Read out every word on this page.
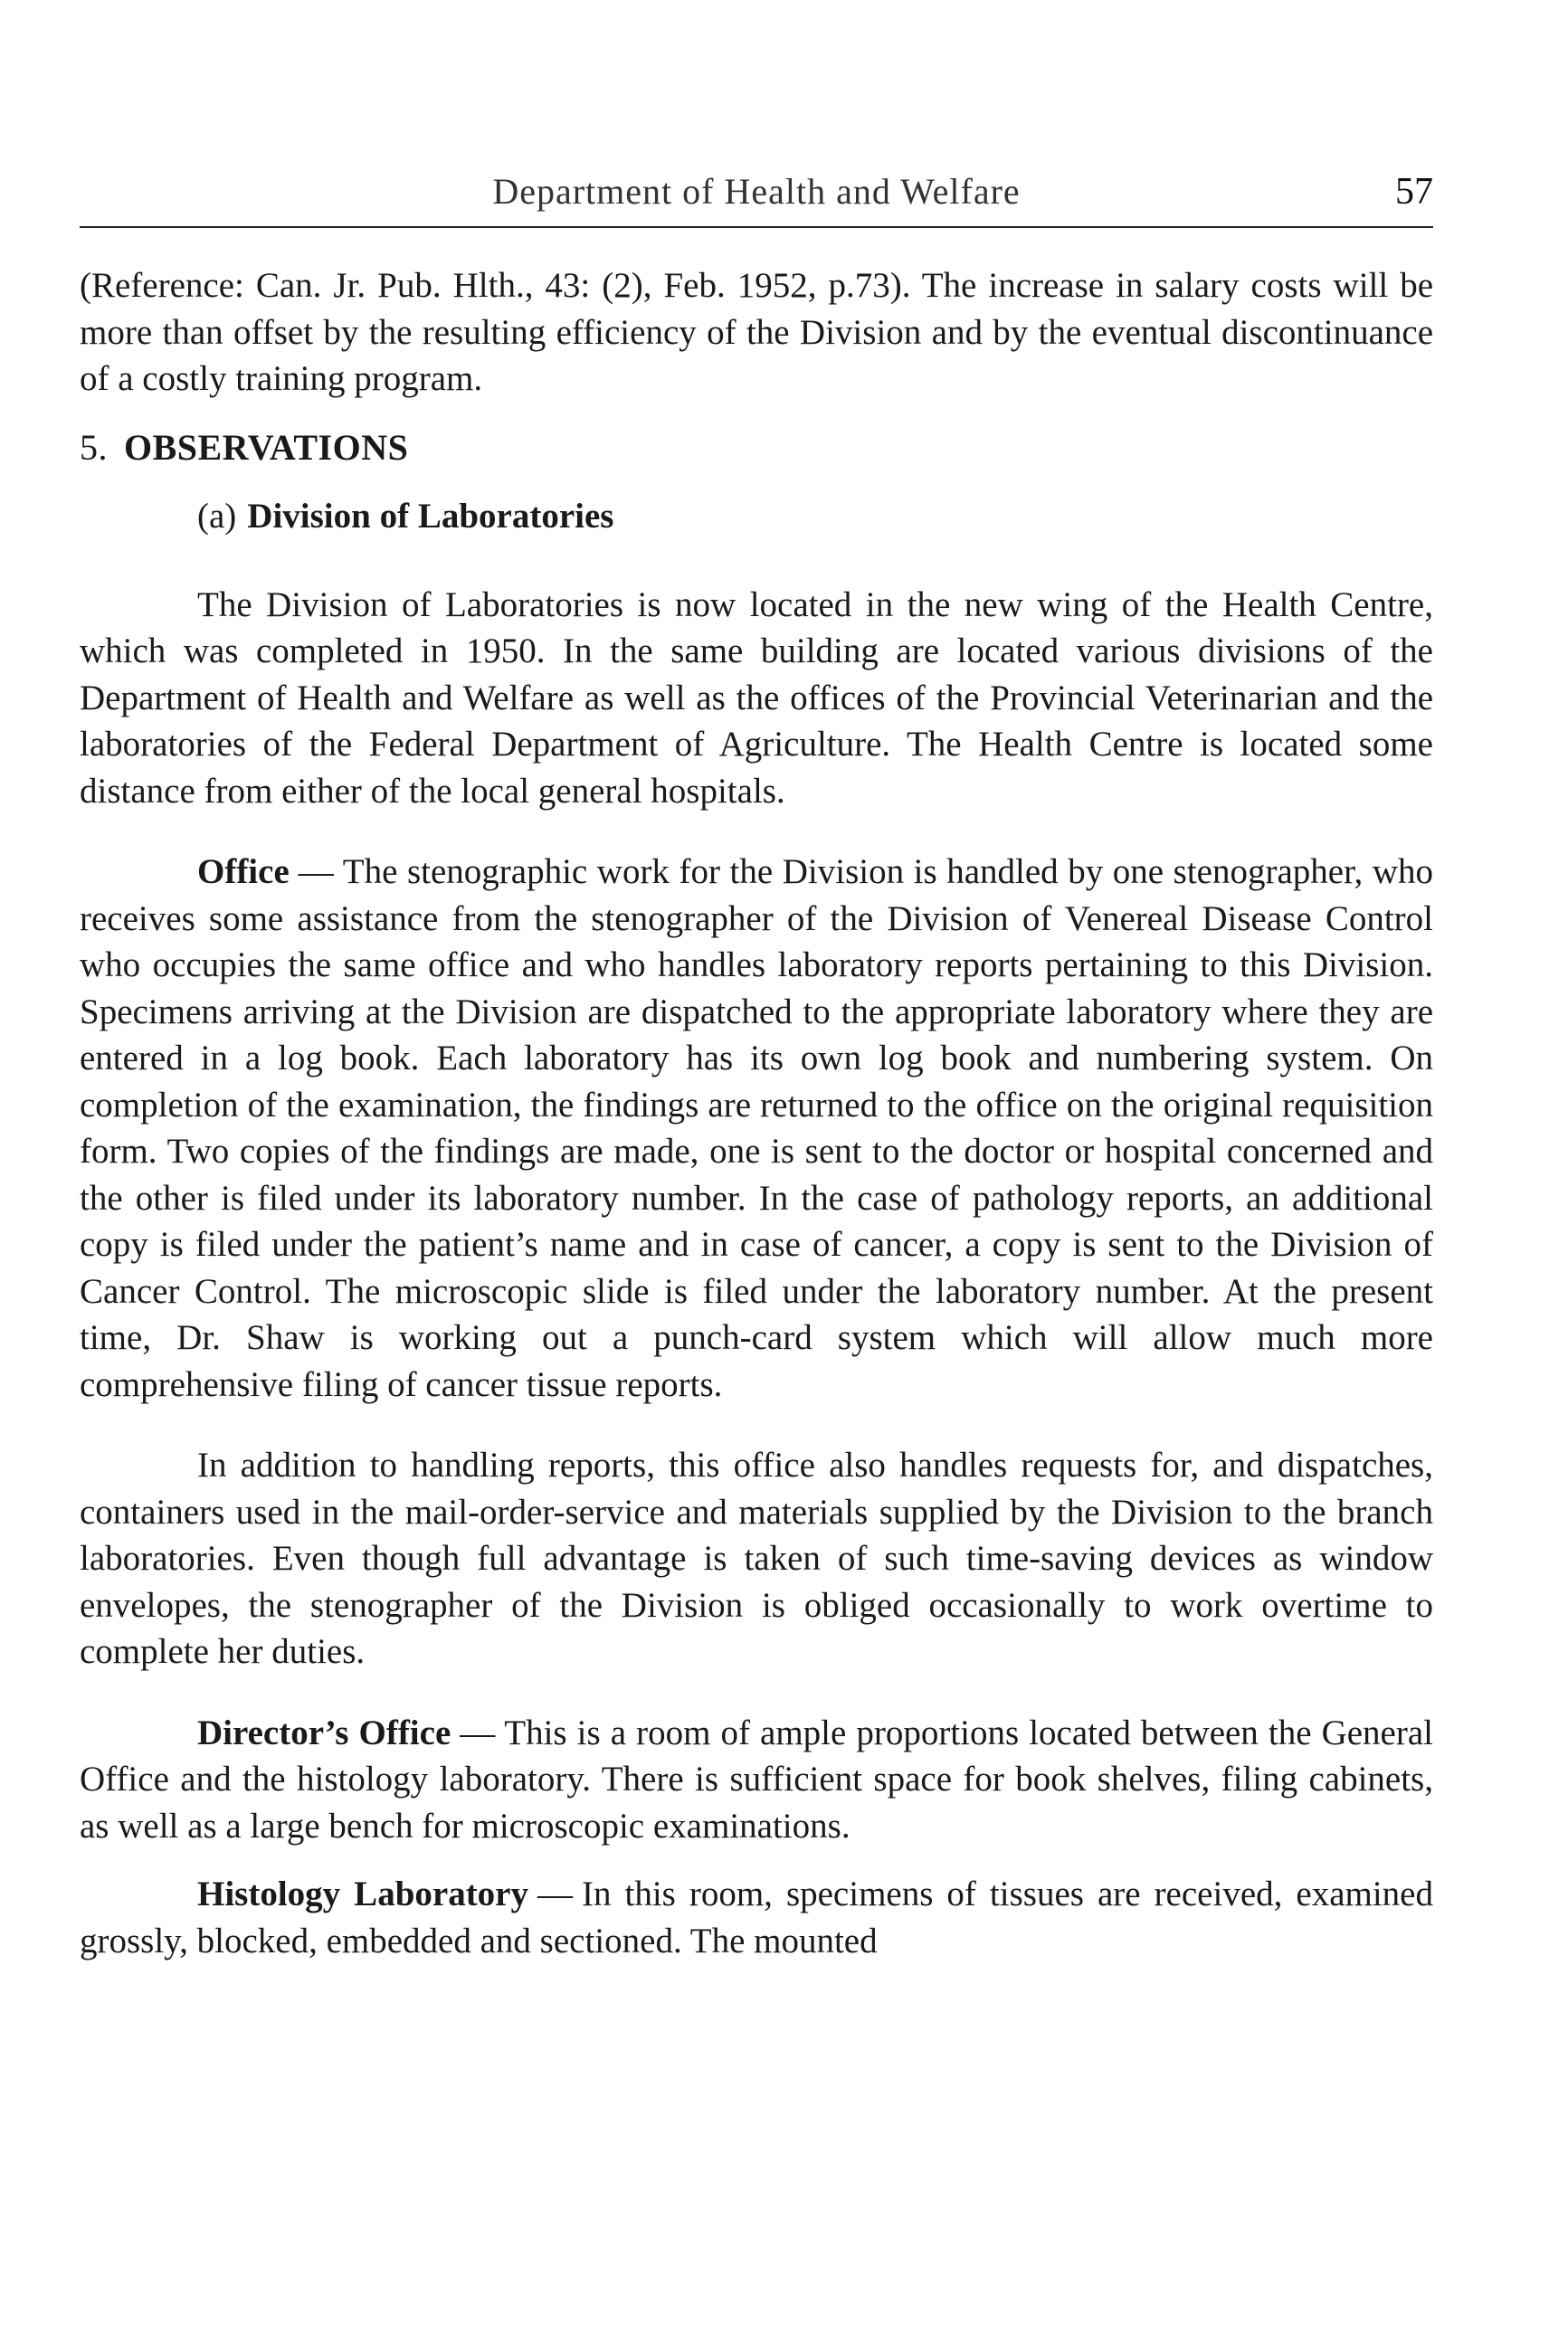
Department of Health and Welfare	57

(Reference: Can. Jr. Pub. Hlth., 43: (2), Feb. 1952, p.73). The increase in salary costs will be more than offset by the resulting efficiency of the Division and by the eventual discontinuance of a costly training program.

5. OBSERVATIONS
(a) Division of Laboratories

The Division of Laboratories is now located in the new wing of the Health Centre, which was completed in 1950. In the same building are located various divisions of the Department of Health and Welfare as well as the offices of the Provincial Veterinarian and the laboratories of the Federal Department of Agriculture. The Health Centre is located some distance from either of the local general hospitals.

Office — The stenographic work for the Division is handled by one stenographer, who receives some assistance from the stenographer of the Division of Venereal Disease Control who occupies the same office and who handles laboratory reports pertaining to this Division. Specimens arriving at the Division are dispatched to the appropriate laboratory where they are entered in a log book. Each laboratory has its own log book and numbering system. On completion of the examination, the findings are returned to the office on the original requisition form. Two copies of the findings are made, one is sent to the doctor or hospital concerned and the other is filed under its laboratory number. In the case of pathology reports, an additional copy is filed under the patient’s name and in case of cancer, a copy is sent to the Division of Cancer Control. The microscopic slide is filed under the laboratory number. At the present time, Dr. Shaw is working out a punch-card system which will allow much more comprehensive filing of cancer tissue reports.

In addition to handling reports, this office also handles requests for, and dispatches, containers used in the mail-order-service and materials supplied by the Division to the branch laboratories. Even though full advantage is taken of such time-saving devices as window envelopes, the stenographer of the Division is obliged occasionally to work overtime to complete her duties.

Director’s Office — This is a room of ample proportions located between the General Office and the histology laboratory. There is sufficient space for book shelves, filing cabinets, as well as a large bench for microscopic examinations.

Histology Laboratory — In this room, specimens of tissues are received, examined grossly, blocked, embedded and sectioned. The mounted
